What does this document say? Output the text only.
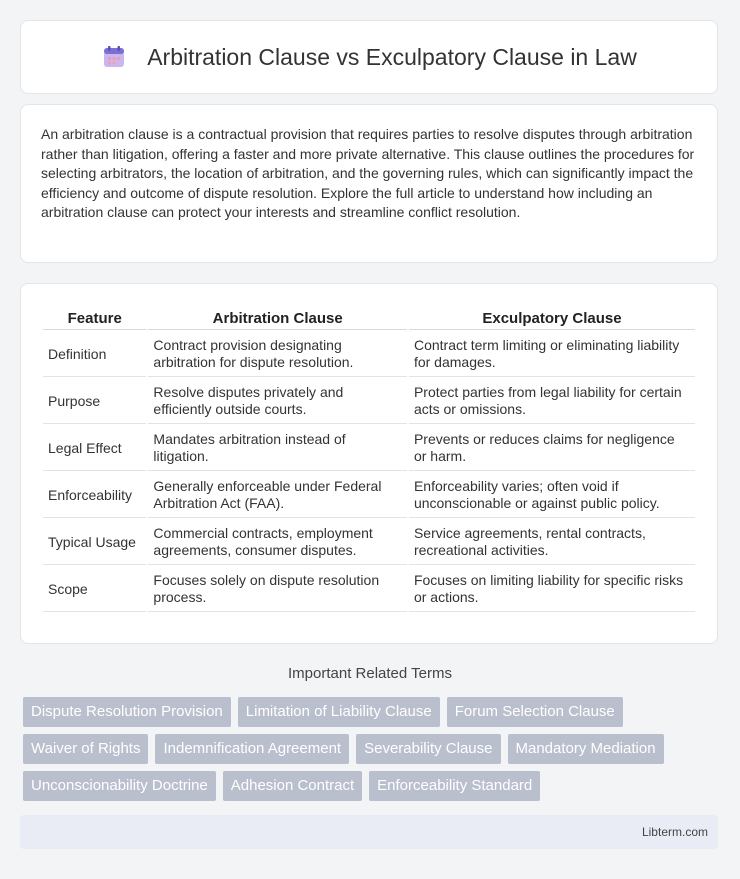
Arbitration Clause vs Exculpatory Clause in Law

An arbitration clause is a contractual provision that requires parties to resolve disputes through arbitration rather than litigation, offering a faster and more private alternative. This clause outlines the procedures for selecting arbitrators, the location of arbitration, and the governing rules, which can significantly impact the efficiency and outcome of dispute resolution. Explore the full article to understand how including an arbitration clause can protect your interests and streamline conflict resolution.

Feature	Arbitration Clause	Exculpatory Clause
Definition	Contract provision designating arbitration for dispute resolution.	Contract term limiting or eliminating liability for damages.
Purpose	Resolve disputes privately and efficiently outside courts.	Protect parties from legal liability for certain acts or omissions.
Legal Effect	Mandates arbitration instead of litigation.	Prevents or reduces claims for negligence or harm.
Enforceability	Generally enforceable under Federal Arbitration Act (FAA).	Enforceability varies; often void if unconscionable or against public policy.
Typical Usage	Commercial contracts, employment agreements, consumer disputes.	Service agreements, rental contracts, recreational activities.
Scope	Focuses solely on dispute resolution process.	Focuses on limiting liability for specific risks or actions.
Important Related Terms
Dispute Resolution Provision	Limitation of Liability Clause	Forum Selection Clause
Waiver of Rights	Indemnification Agreement	Severability Clause	Mandatory Mediation
Unconscionability Doctrine	Adhesion Contract	Enforceability Standard
Libterm.com
